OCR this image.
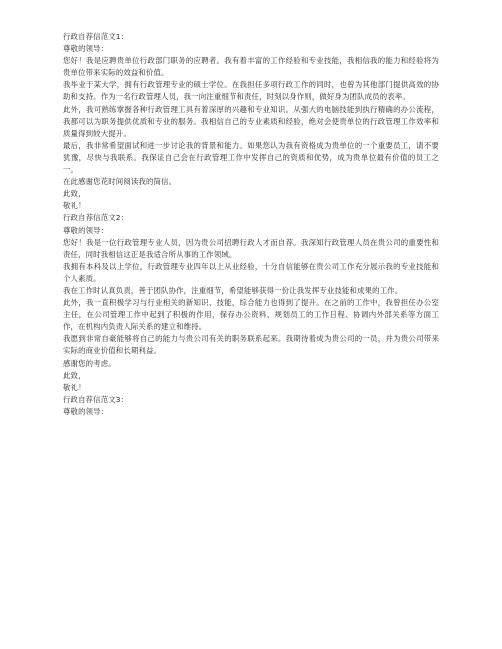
行政自荐信范文1：
尊敬的领导：
您好！我是应聘贵单位行政部门职务的应聘者。我有着丰富的工作经验和专业技能，我相信我的能力和经验将为贵单位带来实际的效益和价值。
我毕业于某大学，拥有行政管理专业的硕士学位。在我担任多项行政工作的同时，也曾为其他部门提供高效的协助和支持。作为一名行政管理人员，我一向注重细节和责任，时刻以身作则，做好身为团队成员的表率。
此外，我可熟练掌握各种行政管理工具有着深厚的兴趣和专业知识。从强大的电脑技能到执行精确的办公流程，我都可以为职务提供优质和专业的服务。我相信自己的专业素质和经验，绝对会使贵单位的行政管理工作效率和质量得到较大提升。
最后，我非常希望面试和进一步讨论我的背景和能力。如果您认为我有资格成为贵单位的一个重要员工，请不要犹豫，尽快与我联系。我保证自己会在行政管理工作中发挥自己的资质和优势，成为贵单位最有价值的员工之一。
在此感谢您花时间阅读我的简信。
此致，
敬礼！
行政自荐信范文2：
尊敬的领导：
您好！我是一位行政管理专业人员，因为贵公司招聘行政人才而自荐。我深知行政管理人员在贵公司的重要性和责任，同时我相信这正是我适合所从事的工作领域。
我拥有本科及以上学位，行政管理专业四年以上从业经验，十分自信能够在贵公司工作充分展示我的专业技能和个人素质。
我在工作时认真负责，善于团队协作，注重细节，希望能够获得一份让我发挥专业技能和成果的工作。
此外，我一直积极学习与行业相关的新知识、技能，综合能力也得到了提升。在之前的工作中，我曾担任办公室主任，在公司管理工作中起到了积极的作用，保存办公资料、规划员工的工作日程、协调内外部关系等方面工作，在机构内负责人际关系的建立和维持。
我愿到非常自豪能够将自己的能力与贵公司有关的职务联系起来。我期待着成为贵公司的一员，并为贵公司带来实际的商业价值和长期利益。
感谢您的考虑。
此致，
敬礼！
行政自荐信范文3：
尊敬的领导：
